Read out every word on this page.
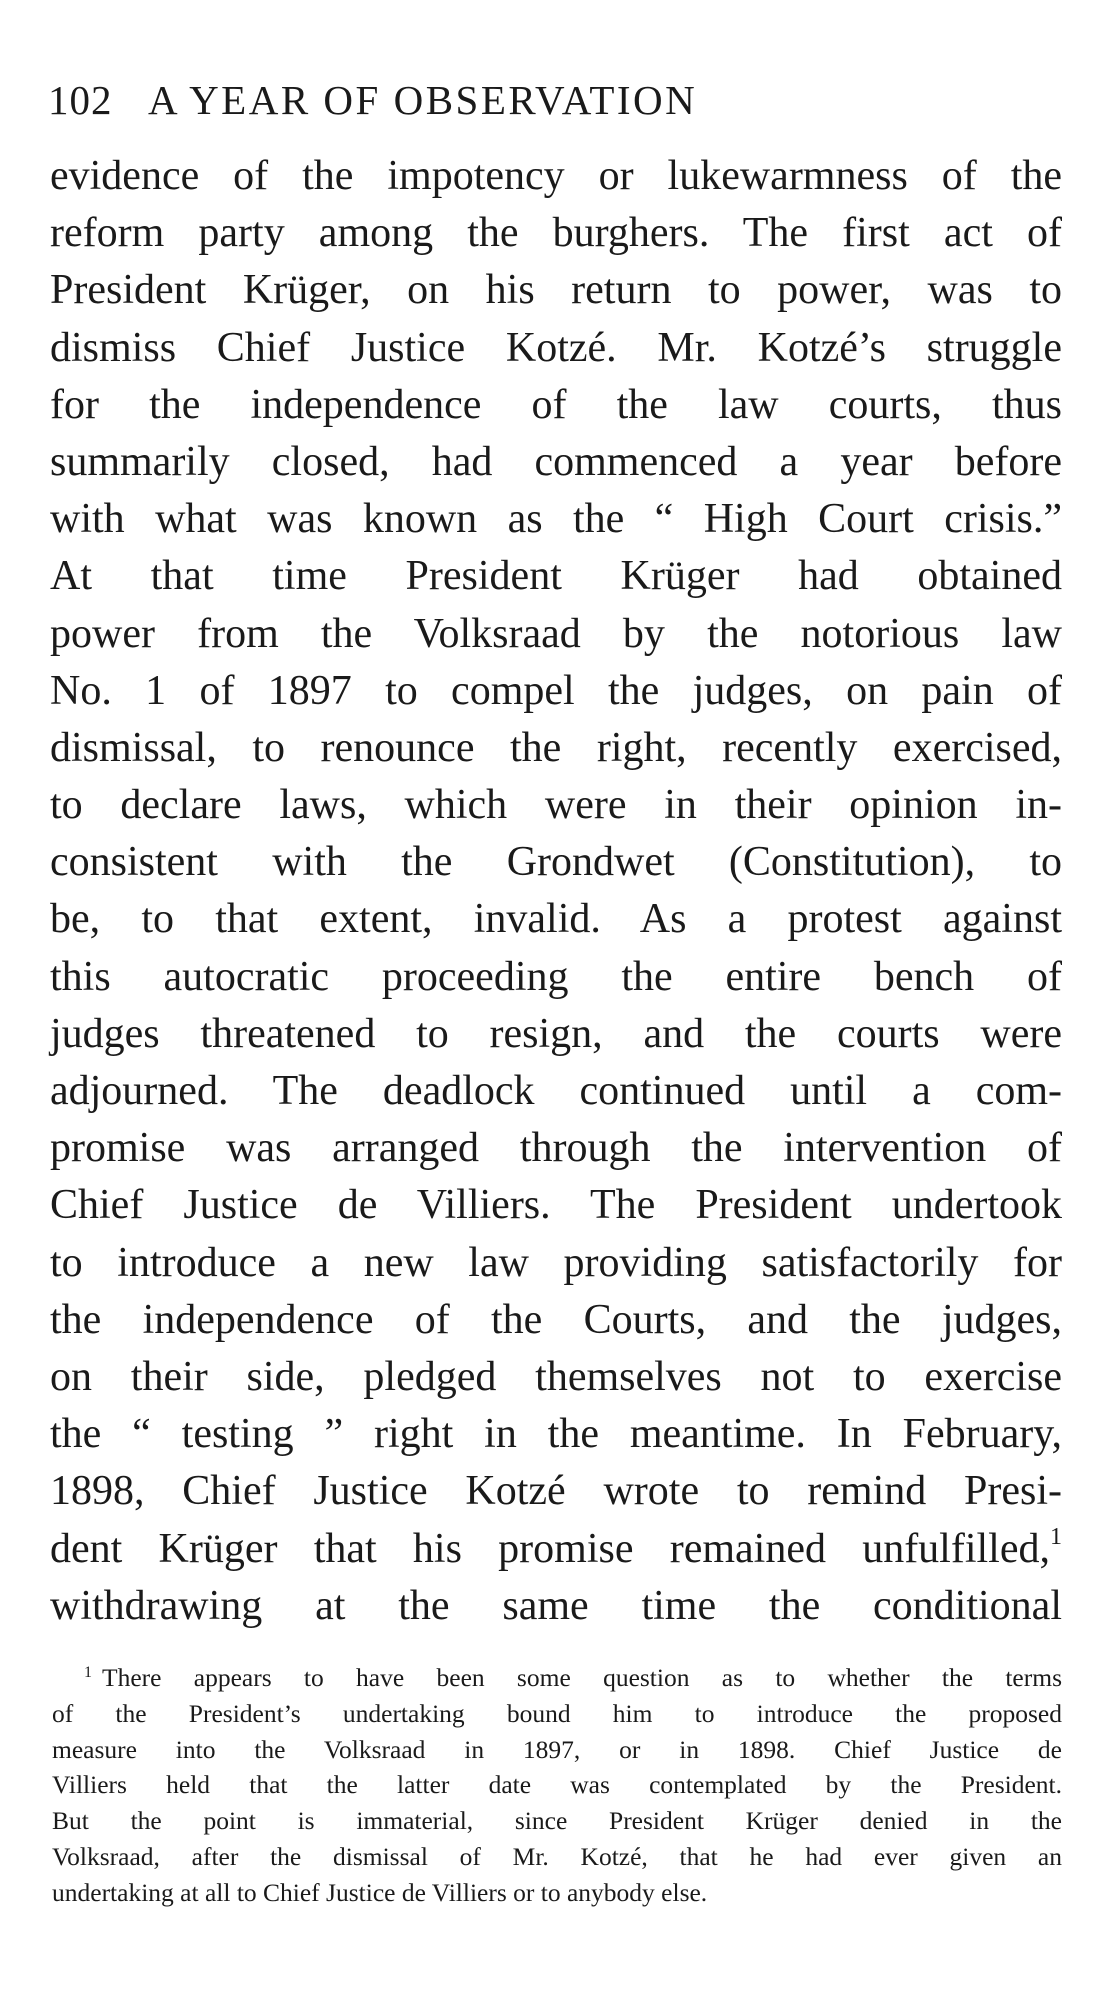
102 A YEAR OF OBSERVATION
evidence of the impotency or lukewarmness of the
reform party among the burghers. The first act of
President Krüger, on his return to power, was to
dismiss Chief Justice Kotzé. Mr. Kotzé’s struggle
for the independence of the law courts, thus
summarily closed, had commenced a year before
with what was known as the “ High Court crisis.”
At that time President Krüger had obtained
power from the Volksraad by the notorious law
No. 1 of 1897 to compel the judges, on pain of
dismissal, to renounce the right, recently exercised,
to declare laws, which were in their opinion in-
consistent with the Grondwet (Constitution), to
be, to that extent, invalid. As a protest against
this autocratic proceeding the entire bench of
judges threatened to resign, and the courts were
adjourned. The deadlock continued until a com-
promise was arranged through the intervention of
Chief Justice de Villiers. The President undertook
to introduce a new law providing satisfactorily for
the independence of the Courts, and the judges,
on their side, pledged themselves not to exercise
the “ testing ” right in the meantime. In February,
1898, Chief Justice Kotzé wrote to remind Presi-
dent Krüger that his promise remained unfulfilled,$^1$
withdrawing at the same time the conditional
$^1$ There appears to have been some question as to whether the terms
of the President’s undertaking bound him to introduce the proposed
measure into the Volksraad in 1897, or in 1898. Chief Justice de
Villiers held that the latter date was contemplated by the President.
But the point is immaterial, since President Krüger denied in the
Volksraad, after the dismissal of Mr. Kotzé, that he had ever given an
undertaking at all to Chief Justice de Villiers or to anybody else.
